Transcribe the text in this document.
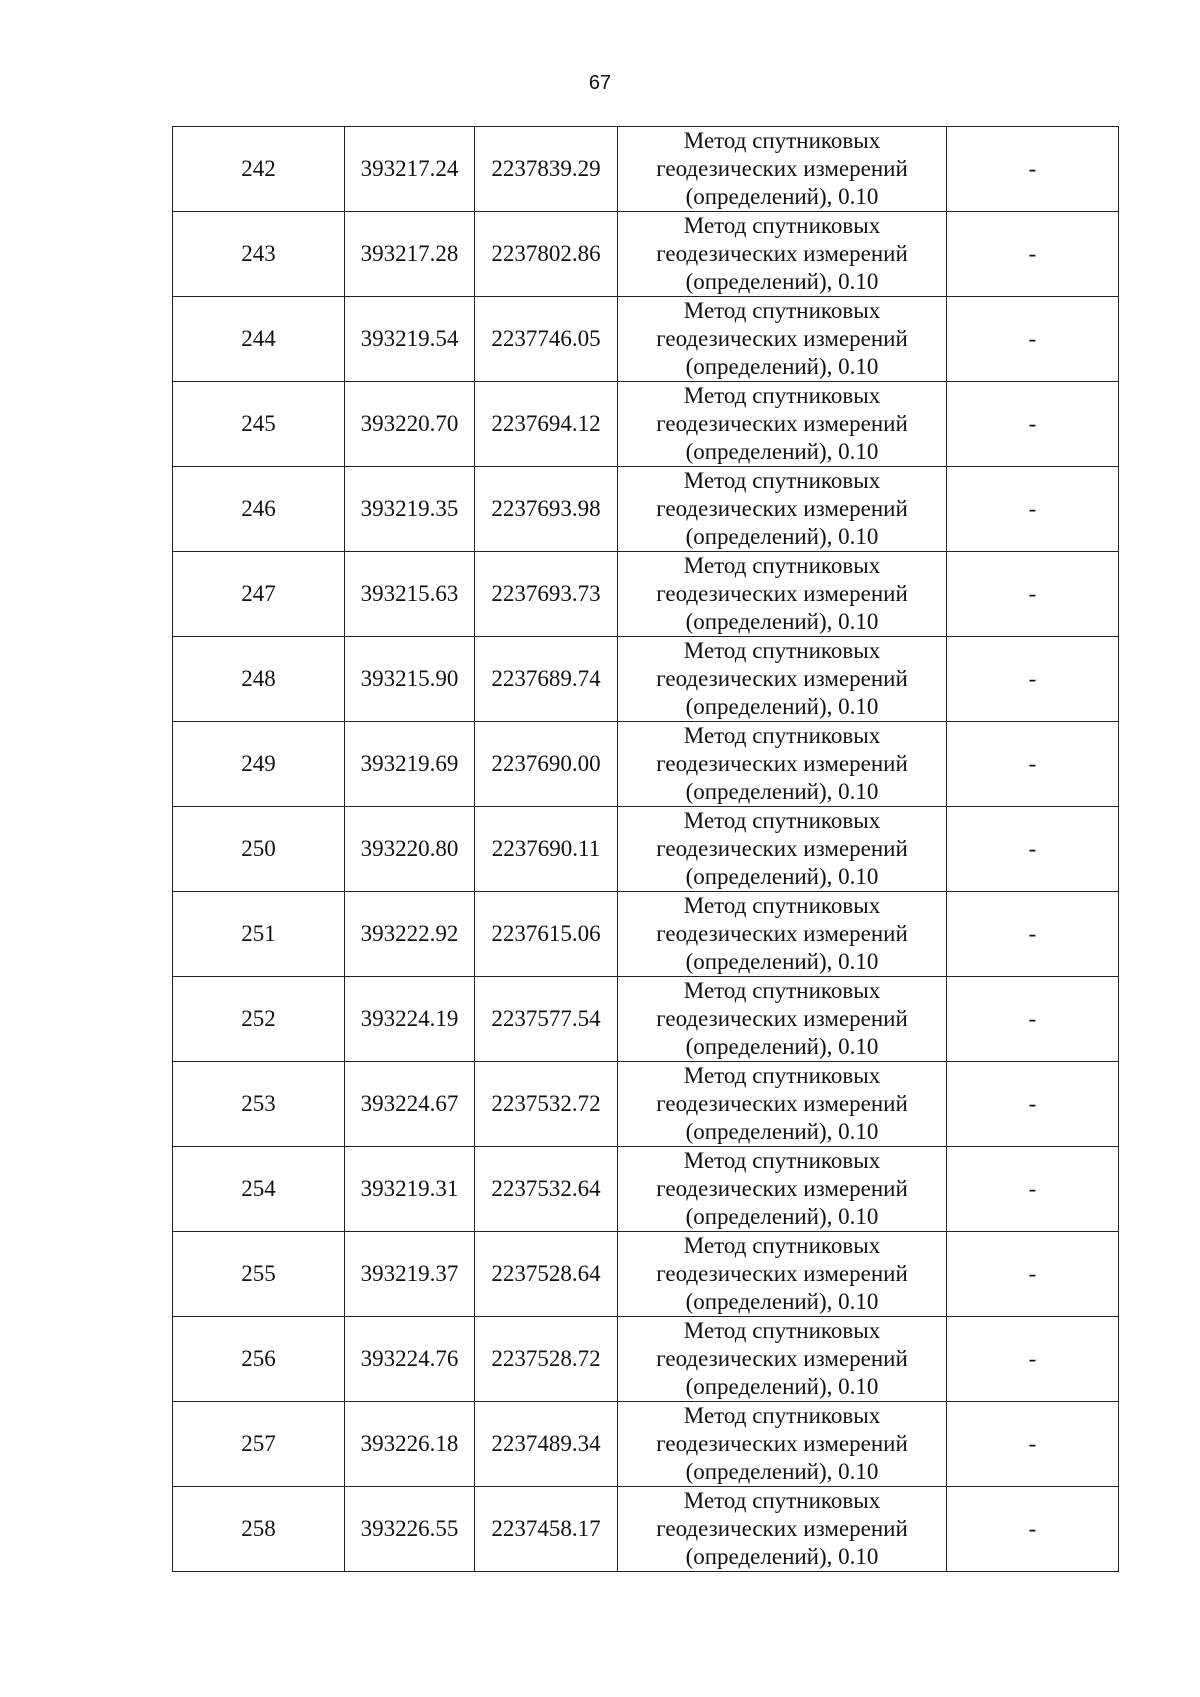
67
242	393217.24	2237839.29	Метод спутниковых
геодезических измерений
(определений), 0.10	-
243	393217.28	2237802.86	Метод спутниковых
геодезических измерений
(определений), 0.10	-
244	393219.54	2237746.05	Метод спутниковых
геодезических измерений
(определений), 0.10	-
245	393220.70	2237694.12	Метод спутниковых
геодезических измерений
(определений), 0.10	-
246	393219.35	2237693.98	Метод спутниковых
геодезических измерений
(определений), 0.10	-
247	393215.63	2237693.73	Метод спутниковых
геодезических измерений
(определений), 0.10	-
248	393215.90	2237689.74	Метод спутниковых
геодезических измерений
(определений), 0.10	-
249	393219.69	2237690.00	Метод спутниковых
геодезических измерений
(определений), 0.10	-
250	393220.80	2237690.11	Метод спутниковых
геодезических измерений
(определений), 0.10	-
251	393222.92	2237615.06	Метод спутниковых
геодезических измерений
(определений), 0.10	-
252	393224.19	2237577.54	Метод спутниковых
геодезических измерений
(определений), 0.10	-
253	393224.67	2237532.72	Метод спутниковых
геодезических измерений
(определений), 0.10	-
254	393219.31	2237532.64	Метод спутниковых
геодезических измерений
(определений), 0.10	-
255	393219.37	2237528.64	Метод спутниковых
геодезических измерений
(определений), 0.10	-
256	393224.76	2237528.72	Метод спутниковых
геодезических измерений
(определений), 0.10	-
257	393226.18	2237489.34	Метод спутниковых
геодезических измерений
(определений), 0.10	-
258	393226.55	2237458.17	Метод спутниковых
геодезических измерений
(определений), 0.10	-
